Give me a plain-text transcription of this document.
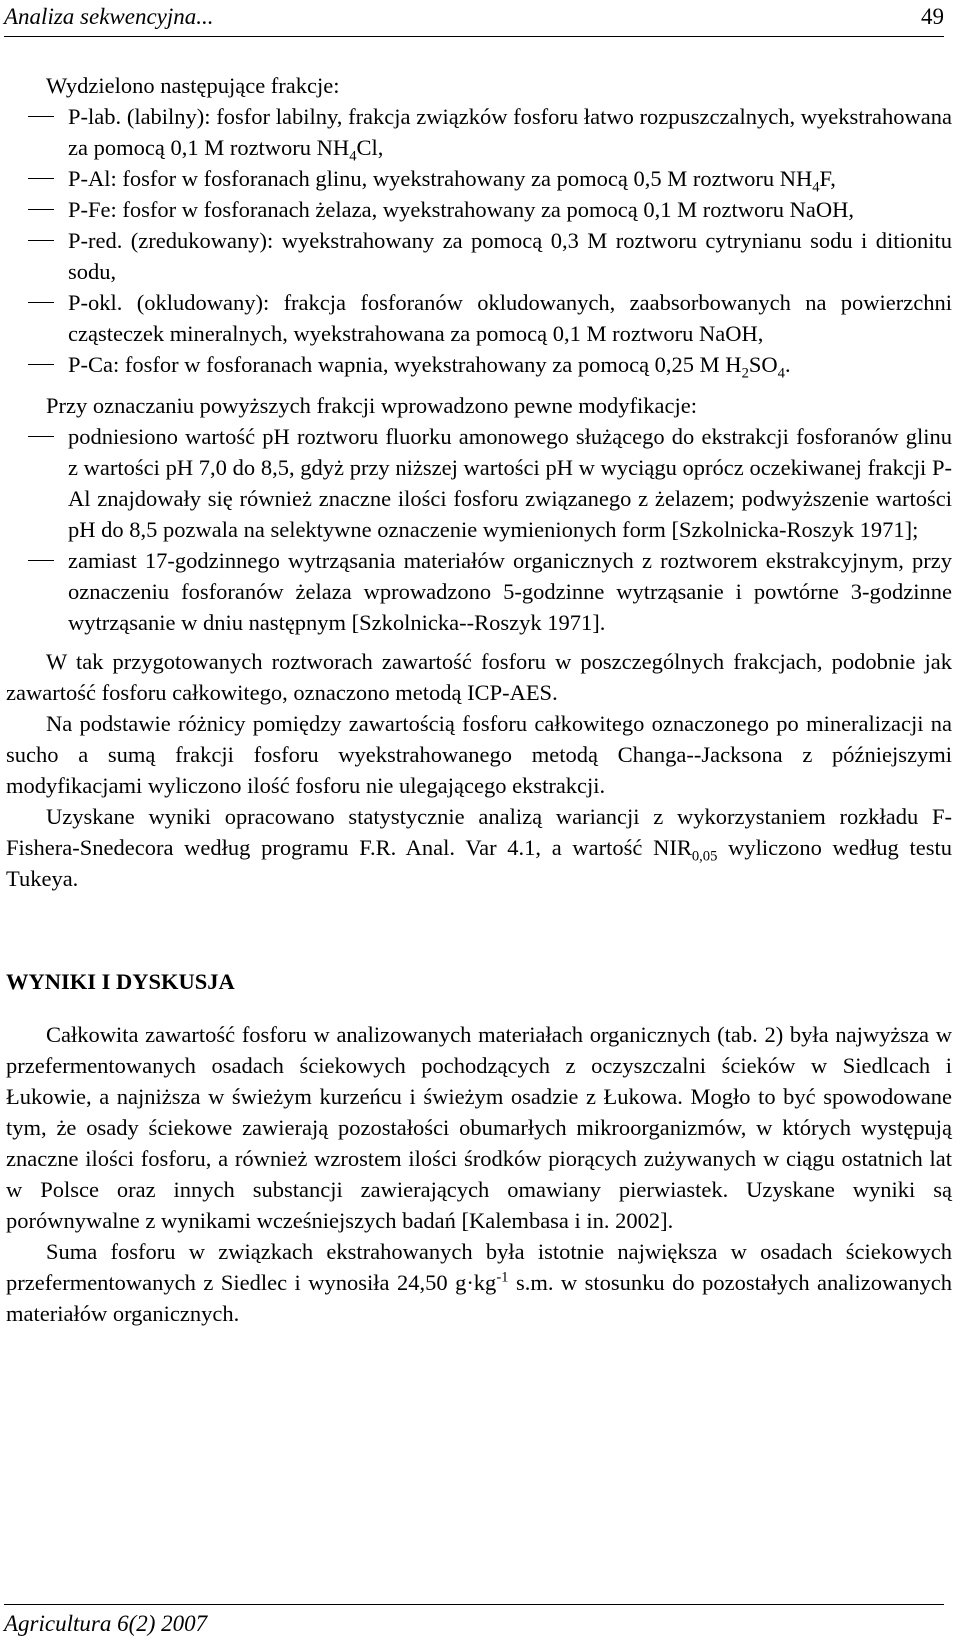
Analiza sekwencyjna...	49

Wydzielono następujące frakcje:

P-lab. (labilny): fosfor labilny, frakcja związków fosforu łatwo rozpuszczalnych, wyekstrahowana za pomocą 0,1 M roztworu $NH_4Cl$,

P-Al: fosfor w fosforanach glinu, wyekstrahowany za pomocą 0,5 M roztworu $NH_4F$,

P-Fe: fosfor w fosforanach żelaza, wyekstrahowany za pomocą 0,1 M roztworu NaOH,

P-red. (zredukowany): wyekstrahowany za pomocą 0,3 M roztworu cytrynianu sodu i ditionitu sodu,

P-okl. (okludowany): frakcja fosforanów okludowanych, zaabsorbowanych na powierzchni cząsteczek mineralnych, wyekstrahowana za pomocą 0,1 M roztworu NaOH,

P-Ca: fosfor w fosforanach wapnia, wyekstrahowany za pomocą 0,25 M $H_2SO_4$.

Przy oznaczaniu powyższych frakcji wprowadzono pewne modyfikacje:

podniesiono wartość pH roztworu fluorku amonowego służącego do ekstrakcji fosforanów glinu z wartości pH 7,0 do 8,5, gdyż przy niższej wartości pH w wyciągu oprócz oczekiwanej frakcji P-Al znajdowały się również znaczne ilości fosforu związanego z żelazem; podwyższenie wartości pH do 8,5 pozwala na selektywne oznaczenie wymienionych form [Szkolnicka-Roszyk 1971];

zamiast 17-godzinnego wytrząsania materiałów organicznych z roztworem ekstrakcyjnym, przy oznaczeniu fosforanów żelaza wprowadzono 5-godzinne wytrząsanie i powtórne 3-godzinne wytrząsanie w dniu następnym [Szkolnicka--Roszyk 1971].

W tak przygotowanych roztworach zawartość fosforu w poszczególnych frakcjach, podobnie jak zawartość fosforu całkowitego, oznaczono metodą ICP-AES.

Na podstawie różnicy pomiędzy zawartością fosforu całkowitego oznaczonego po mineralizacji na sucho a sumą frakcji fosforu wyekstrahowanego metodą Changa--Jacksona z późniejszymi modyfikacjami wyliczono ilość fosforu nie ulegającego ekstrakcji.

Uzyskane wyniki opracowano statystycznie analizą wariancji z wykorzystaniem rozkładu F-Fishera-Snedecora według programu F.R. Anal. Var 4.1, a wartość $NIR_{0,05}$ wyliczono według testu Tukeya.

WYNIKI I DYSKUSJA

Całkowita zawartość fosforu w analizowanych materiałach organicznych (tab. 2) była najwyższa w przefermentowanych osadach ściekowych pochodzących z oczyszczalni ścieków w Siedlcach i Łukowie, a najniższa w świeżym kurzeńcu i świeżym osadzie z Łukowa. Mogło to być spowodowane tym, że osady ściekowe zawierają pozostałości obumarłych mikroorganizmów, w których występują znaczne ilości fosforu, a również wzrostem ilości środków piorących zużywanych w ciągu ostatnich lat w Polsce oraz innych substancji zawierających omawiany pierwiastek. Uzyskane wyniki są porównywalne z wynikami wcześniejszych badań [Kalembasa i in. 2002].

Suma fosforu w związkach ekstrahowanych była istotnie największa w osadach ściekowych przefermentowanych z Siedlec i wynosiła 24,50 $g\cdot kg^{-1}$ s.m. w stosunku do pozostałych analizowanych materiałów organicznych.

Agricultura 6(2) 2007
